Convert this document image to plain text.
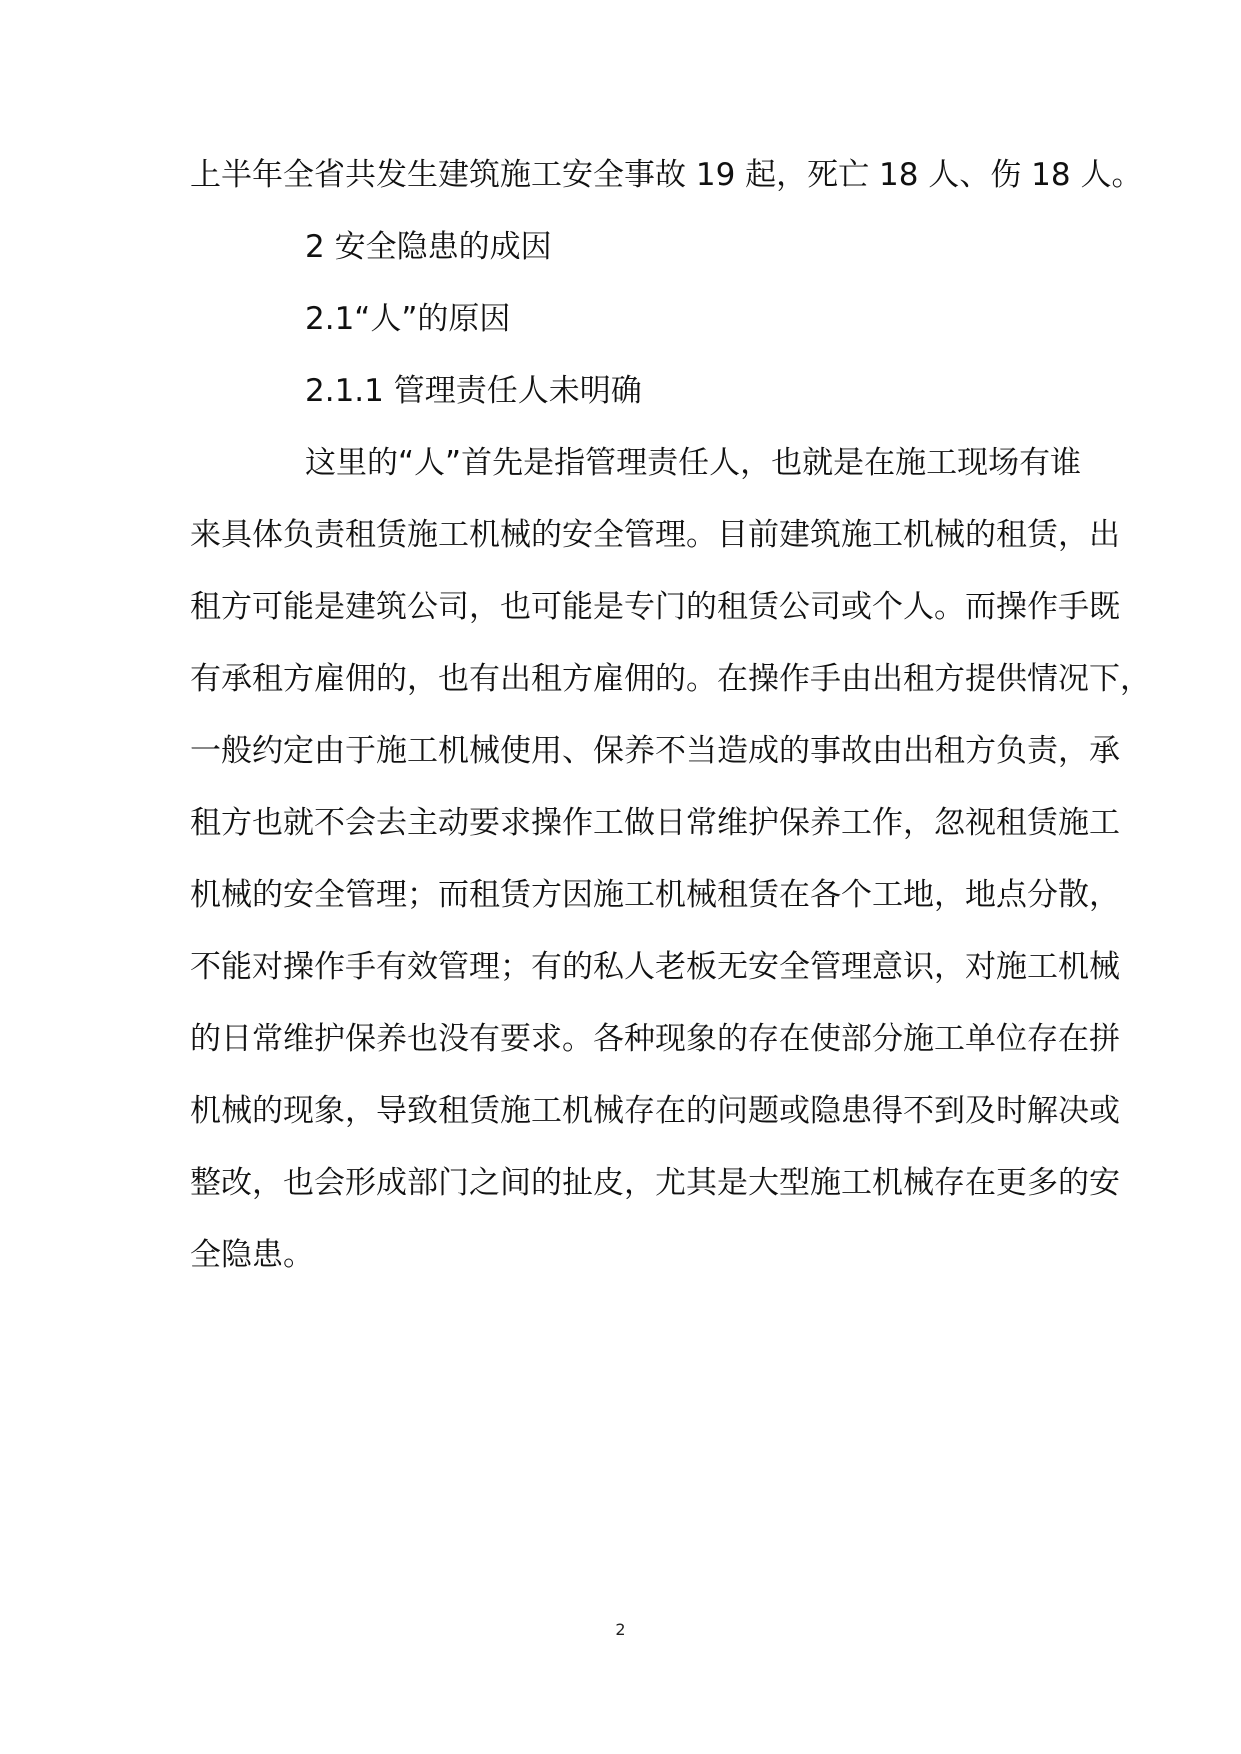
上半年全省共发生建筑施工安全事故 19 起，死亡 18 人、伤 18 人。
2 安全隐患的成因
2.1“人”的原因
2.1.1 管理责任人未明确
这里的“人”首先是指管理责任人，也就是在施工现场有谁
来具体负责租赁施工机械的安全管理。目前建筑施工机械的租赁，出
租方可能是建筑公司，也可能是专门的租赁公司或个人。而操作手既
有承租方雇佣的，也有出租方雇佣的。在操作手由出租方提供情况下，
一般约定由于施工机械使用、保养不当造成的事故由出租方负责，承
租方也就不会去主动要求操作工做日常维护保养工作，忽视租赁施工
机械的安全管理；而租赁方因施工机械租赁在各个工地，地点分散，
不能对操作手有效管理；有的私人老板无安全管理意识，对施工机械
的日常维护保养也没有要求。各种现象的存在使部分施工单位存在拼
机械的现象，导致租赁施工机械存在的问题或隐患得不到及时解决或
整改，也会形成部门之间的扯皮，尤其是大型施工机械存在更多的安
全隐患。
2
